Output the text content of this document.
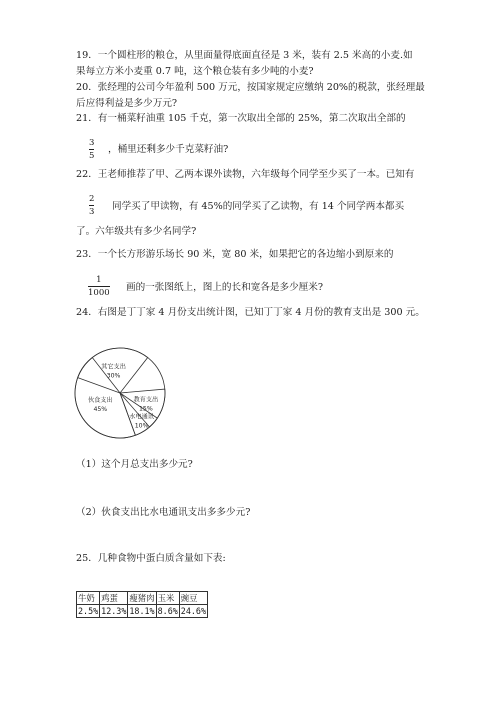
19．一个圆柱形的粮仓，从里面量得底面直径是 3 米，装有 2.5 米高的小麦.如
果每立方米小麦重 0.7 吨，这个粮仓装有多少吨的小麦?
20．张经理的公司今年盈利 500 万元，按国家规定应缴纳 20%的税款，张经理最
后应得利益是多少万元?
21．有一桶菜籽油重 105 千克，第一次取出全部的 25%，第二次取出全部的
3
5
，桶里还剩多少千克菜籽油?
22．王老师推荐了甲、乙两本课外读物，六年级每个同学至少买了一本。已知有
2
3 同学买了甲读物，有 45%的同学买了乙读物，有 14 个同学两本都买
了。六年级共有多少名同学?
23．一个长方形游乐场长 90 米，宽 80 米，如果把它的各边缩小到原来的
1
1000 画的一张图纸上，图上的长和宽各是多少厘米?
24．右图是丁丁家 4 月份支出统计图，已知丁丁家 4 月份的教育支出是 300 元。
其它支出
30%
教育支出
15%
水电通讯
10%
伙食支出
45%
（1）这个月总支出多少元?
（2）伙食支出比水电通讯支出多多少元?
25．几种食物中蛋白质含量如下表:
牛奶	鸡蛋	瘦猪肉	玉米	豌豆
2.5%	12.3%	18.1%	8.6%	24.6%
